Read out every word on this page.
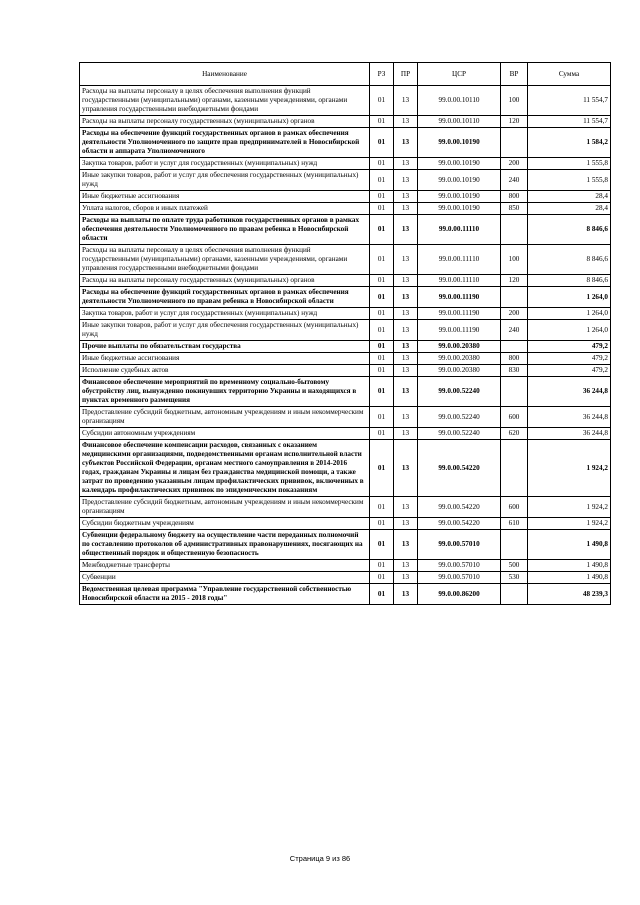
Наименование	РЗ	ПР	ЦСР	ВР	Сумма
Расходы на выплаты персоналу в целях обеспечения выполнения функций государственными (муниципальными) органами, казенными учреждениями, органами управления государственными внебюджетными фондами	01	13	99.0.00.10110	100	11 554,7
Расходы на выплаты персоналу государственных (муниципальных) органов	01	13	99.0.00.10110	120	11 554,7
Расходы на обеспечение функций государственных органов в рамках обеспечения деятельности Уполномоченного по защите прав предпринимателей в Новосибирской области и аппарата Уполномоченного	01	13	99.0.00.10190		1 584,2
Закупка товаров, работ и услуг для государственных (муниципальных) нужд	01	13	99.0.00.10190	200	1 555,8
Иные закупки товаров, работ и услуг для обеспечения государственных (муниципальных) нужд	01	13	99.0.00.10190	240	1 555,8
Иные бюджетные ассигнования	01	13	99.0.00.10190	800	28,4
Уплата налогов, сборов и иных платежей	01	13	99.0.00.10190	850	28,4
Расходы на выплаты по оплате труда работников государственных органов в рамках обеспечения деятельности Уполномоченного по правам ребенка в Новосибирской области	01	13	99.0.00.11110		8 846,6
Расходы на выплаты персоналу в целях обеспечения выполнения функций государственными (муниципальными) органами, казенными учреждениями, органами управления государственными внебюджетными фондами	01	13	99.0.00.11110	100	8 846,6
Расходы на выплаты персоналу государственных (муниципальных) органов	01	13	99.0.00.11110	120	8 846,6
Расходы на обеспечение функций государственных органов в рамках обеспечения деятельности Уполномоченного по правам ребенка в Новосибирской области	01	13	99.0.00.11190		1 264,0
Закупка товаров, работ и услуг для государственных (муниципальных) нужд	01	13	99.0.00.11190	200	1 264,0
Иные закупки товаров, работ и услуг для обеспечения государственных (муниципальных) нужд	01	13	99.0.00.11190	240	1 264,0
Прочие выплаты по обязательствам государства	01	13	99.0.00.20380		479,2
Иные бюджетные ассигнования	01	13	99.0.00.20380	800	479,2
Исполнение судебных актов	01	13	99.0.00.20380	830	479,2
Финансовое обеспечение мероприятий по временному социально-бытовому обустройству лиц, вынужденно покинувших территорию Украины и находящихся в пунктах временного размещения	01	13	99.0.00.52240		36 244,8
Предоставление субсидий бюджетным, автономным учреждениям и иным некоммерческим организациям	01	13	99.0.00.52240	600	36 244,8
Субсидии автономным учреждениям	01	13	99.0.00.52240	620	36 244,8
Финансовое обеспечение компенсации расходов, связанных с оказанием медицинскими организациями, подведомственными органам исполнительной власти субъектов Российской Федерации, органам местного самоуправления в 2014-2016 годах, гражданам Украины и лицам без гражданства медицинской помощи, а также затрат по проведению указанным лицам профилактических прививок, включенных в календарь профилактических прививок по эпидемическим показаниям	01	13	99.0.00.54220		1 924,2
Предоставление субсидий бюджетным, автономным учреждениям и иным некоммерческим организациям	01	13	99.0.00.54220	600	1 924,2
Субсидии бюджетным учреждениям	01	13	99.0.00.54220	610	1 924,2
Субвенции федеральному бюджету на осуществление части переданных полномочий по составлению протоколов об административных правонарушениях, посягающих на общественный порядок и общественную безопасность	01	13	99.0.00.57010		1 490,8
Межбюджетные трансферты	01	13	99.0.00.57010	500	1 490,8
Субвенции	01	13	99.0.00.57010	530	1 490,8
Ведомственная целевая программа "Управление государственной собственностью Новосибирской области на 2015 - 2018 годы"	01	13	99.0.00.86200		48 239,3
Страница 9 из 86
